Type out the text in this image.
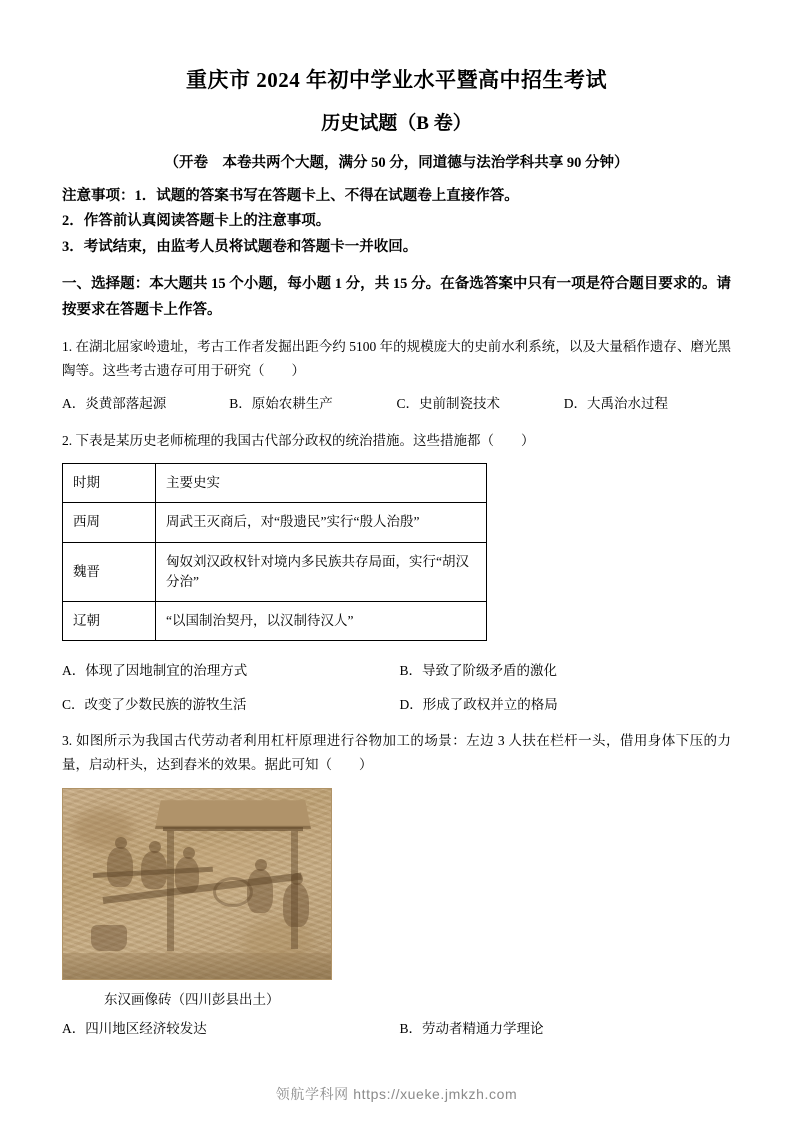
重庆市 2024 年初中学业水平暨高中招生考试
历史试题（B 卷）
（开卷　本卷共两个大题，满分 50 分，同道德与法治学科共享 90 分钟）

注意事项：1．试题的答案书写在答题卡上、不得在试题卷上直接作答。

2．作答前认真阅读答题卡上的注意事项。

3．考试结束，由监考人员将试题卷和答题卡一并收回。

一、选择题：本大题共 15 个小题，每小题 1 分，共 15 分。在备选答案中只有一项是符合题目要求的。请按要求在答题卡上作答。

1. 在湖北屈家岭遗址，考古工作者发掘出距今约 5100 年的规模庞大的史前水利系统，以及大量稻作遗存、磨光黑陶等。这些考古遗存可用于研究（　　）

A．炎黄部落起源	B．原始农耕生产	C．史前制瓷技术	D．大禹治水过程

2. 下表是某历史老师梳理的我国古代部分政权的统治措施。这些措施都（　　）

时期	主要史实
西周	周武王灭商后，对“殷遗民”实行“殷人治殷”
魏晋	匈奴刘汉政权针对境内多民族共存局面，实行“胡汉分治”
辽朝	“以国制治契丹，以汉制待汉人”
A．体现了因地制宜的治理方式	B．导致了阶级矛盾的激化
C．改变了少数民族的游牧生活	D．形成了政权并立的格局

3. 如图所示为我国古代劳动者利用杠杆原理进行谷物加工的场景：左边 3 人扶在栏杆一头，借用身体下压的力量，启动杆头，达到舂米的效果。据此可知（　　）

东汉画像砖（四川彭县出土）
A．四川地区经济较发达	B．劳动者精通力学理论
领航学科网 https://xueke.jmkzh.com
